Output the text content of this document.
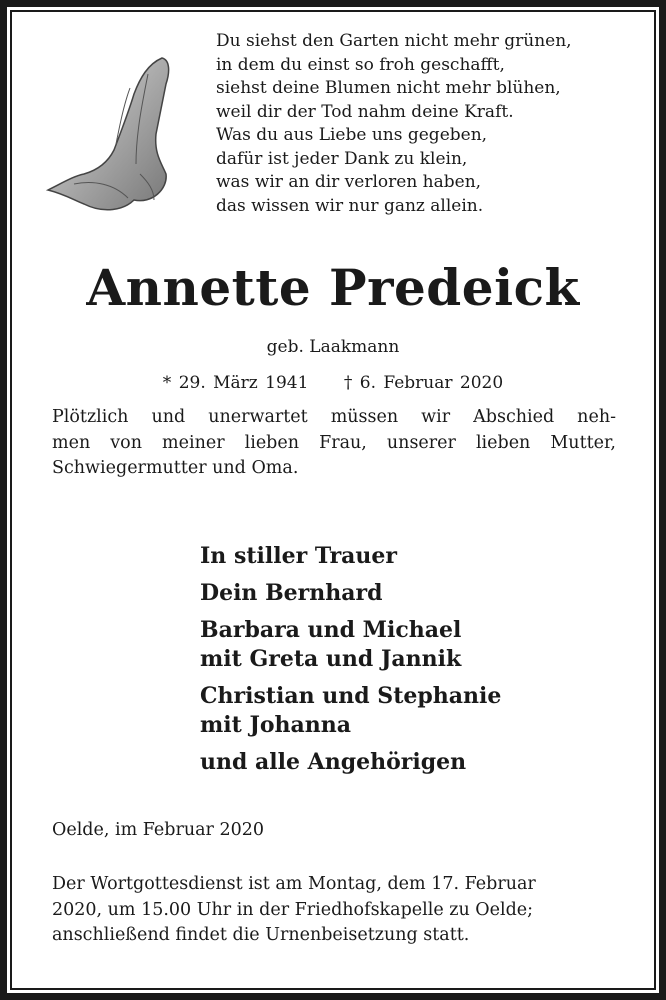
Du siehst den Garten nicht mehr grünen,
in dem du einst so froh geschafft,
siehst deine Blumen nicht mehr blühen,
weil dir der Tod nahm deine Kraft.
Was du aus Liebe uns gegeben,
dafür ist jeder Dank zu klein,
was wir an dir verloren haben,
das wissen wir nur ganz allein.
Annette Predeick
geb. Laakmann
* 29. März 1941 † 6. Februar 2020
Plötzlich und unerwartet müssen wir Abschied neh-
men von meiner lieben Frau, unserer lieben Mutter,
Schwiegermutter und Oma.
In stiller Trauer
Dein Bernhard
Barbara und Michael
mit Greta und Jannik
Christian und Stephanie
mit Johanna
und alle Angehörigen
Oelde, im Februar 2020
Der Wortgottesdienst ist am Montag, dem 17. Februar
2020, um 15.00 Uhr in der Friedhofskapelle zu Oelde;
anschließend findet die Urnenbeisetzung statt.
